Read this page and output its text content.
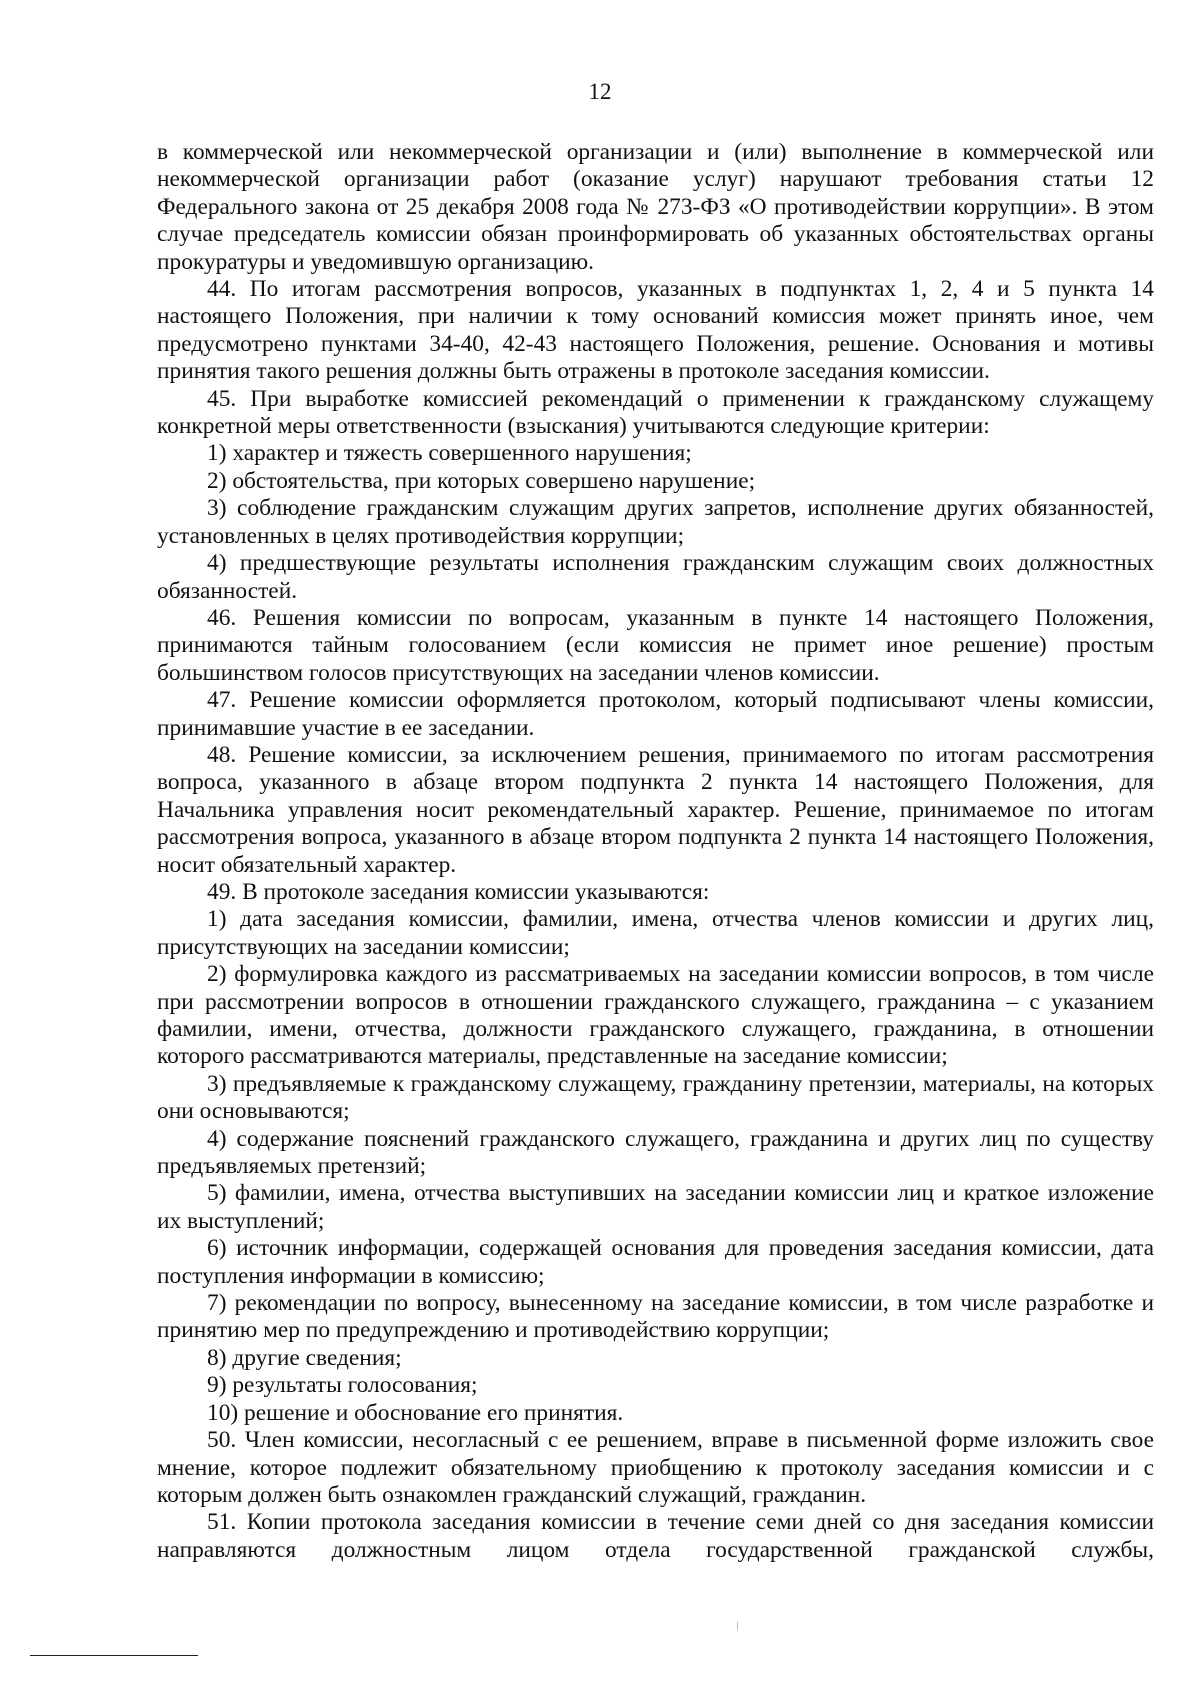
12

в коммерческой или некоммерческой организации и (или) выполнение в коммерческой или некоммерческой организации работ (оказание услуг) нарушают требования статьи 12 Федерального закона от 25 декабря 2008 года № 273-ФЗ «О противодействии коррупции». В этом случае председатель комиссии обязан проинформировать об указанных обстоятельствах органы прокуратуры и уведомившую организацию.

44. По итогам рассмотрения вопросов, указанных в подпунктах 1, 2, 4 и 5 пункта 14 настоящего Положения, при наличии к тому оснований комиссия может принять иное, чем предусмотрено пунктами 34-40, 42-43 настоящего Положения, решение. Основания и мотивы принятия такого решения должны быть отражены в протоколе заседания комиссии.

45. При выработке комиссией рекомендаций о применении к гражданскому служащему конкретной меры ответственности (взыскания) учитываются следующие критерии:

1) характер и тяжесть совершенного нарушения;

2) обстоятельства, при которых совершено нарушение;

3) соблюдение гражданским служащим других запретов, исполнение других обязанностей, установленных в целях противодействия коррупции;

4) предшествующие результаты исполнения гражданским служащим своих должностных обязанностей.

46. Решения комиссии по вопросам, указанным в пункте 14 настоящего Положения, принимаются тайным голосованием (если комиссия не примет иное решение) простым большинством голосов присутствующих на заседании членов комиссии.

47. Решение комиссии оформляется протоколом, который подписывают члены комиссии, принимавшие участие в ее заседании.

48. Решение комиссии, за исключением решения, принимаемого по итогам рассмотрения вопроса, указанного в абзаце втором подпункта 2 пункта 14 настоящего Положения, для Начальника управления носит рекомендательный характер. Решение, принимаемое по итогам рассмотрения вопроса, указанного в абзаце втором подпункта 2 пункта 14 настоящего Положения, носит обязательный характер.

49. В протоколе заседания комиссии указываются:

1) дата заседания комиссии, фамилии, имена, отчества членов комиссии и других лиц, присутствующих на заседании комиссии;

2) формулировка каждого из рассматриваемых на заседании комиссии вопросов, в том числе при рассмотрении вопросов в отношении гражданского служащего, гражданина – с указанием фамилии, имени, отчества, должности гражданского служащего, гражданина, в отношении которого рассматриваются материалы, представленные на заседание комиссии;

3) предъявляемые к гражданскому служащему, гражданину претензии, материалы, на которых они основываются;

4) содержание пояснений гражданского служащего, гражданина и других лиц по существу предъявляемых претензий;

5) фамилии, имена, отчества выступивших на заседании комиссии лиц и краткое изложение их выступлений;

6) источник информации, содержащей основания для проведения заседания комиссии, дата поступления информации в комиссию;

7) рекомендации по вопросу, вынесенному на заседание комиссии, в том числе разработке и принятию мер по предупреждению и противодействию коррупции;

8) другие сведения;

9) результаты голосования;

10) решение и обоснование его принятия.

50. Член комиссии, несогласный с ее решением, вправе в письменной форме изложить свое мнение, которое подлежит обязательному приобщению к протоколу заседания комиссии и с которым должен быть ознакомлен гражданский служащий, гражданин.

51. Копии протокола заседания комиссии в течение семи дней со дня заседания комиссии направляются должностным лицом отдела государственной гражданской службы,
